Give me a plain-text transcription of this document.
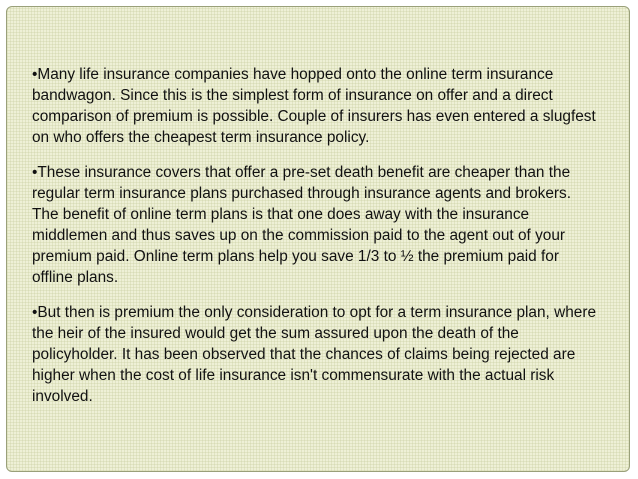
•Many life insurance companies have hopped onto the online term insurance bandwagon. Since this is the simplest form of insurance on offer and a direct comparison of premium is possible. Couple of insurers has even entered a slugfest on who offers the cheapest term insurance policy.

•These insurance covers that offer a pre-set death benefit are cheaper than the regular term insurance plans purchased through insurance agents and brokers. The benefit of online term plans is that one does away with the insurance middlemen and thus saves up on the commission paid to the agent out of your premium paid. Online term plans help you save 1/3 to ½ the premium paid for offline plans.

•But then is premium the only consideration to opt for a term insurance plan, where the heir of the insured would get the sum assured upon the death of the policyholder. It has been observed that the chances of claims being rejected are higher when the cost of life insurance isn't commensurate with the actual risk involved.
